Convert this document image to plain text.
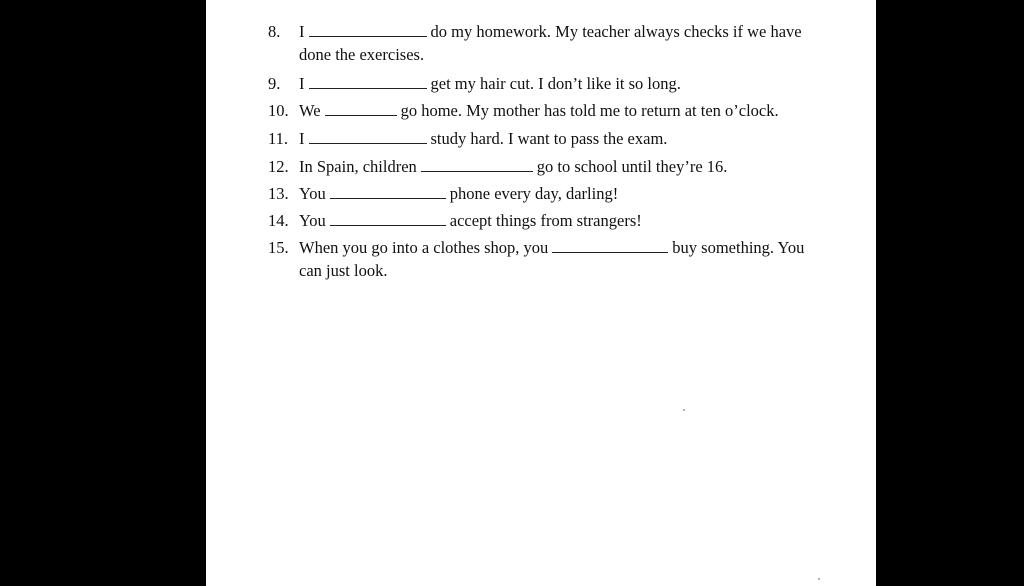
8.	I	do my homework. My teacher always checks if we have
done the exercises.
9.	I	get my hair cut. I don’t like it so long.
10. We	go home. My mother has told me to return at ten o’clock.
11. I	study hard. I want to pass the exam.
12. In Spain, children	go to school until they’re 16.
13. You	phone every day, darling!
14. You	accept things from strangers!
15. When you go into a clothes shop, you	buy something. You
can just look.
